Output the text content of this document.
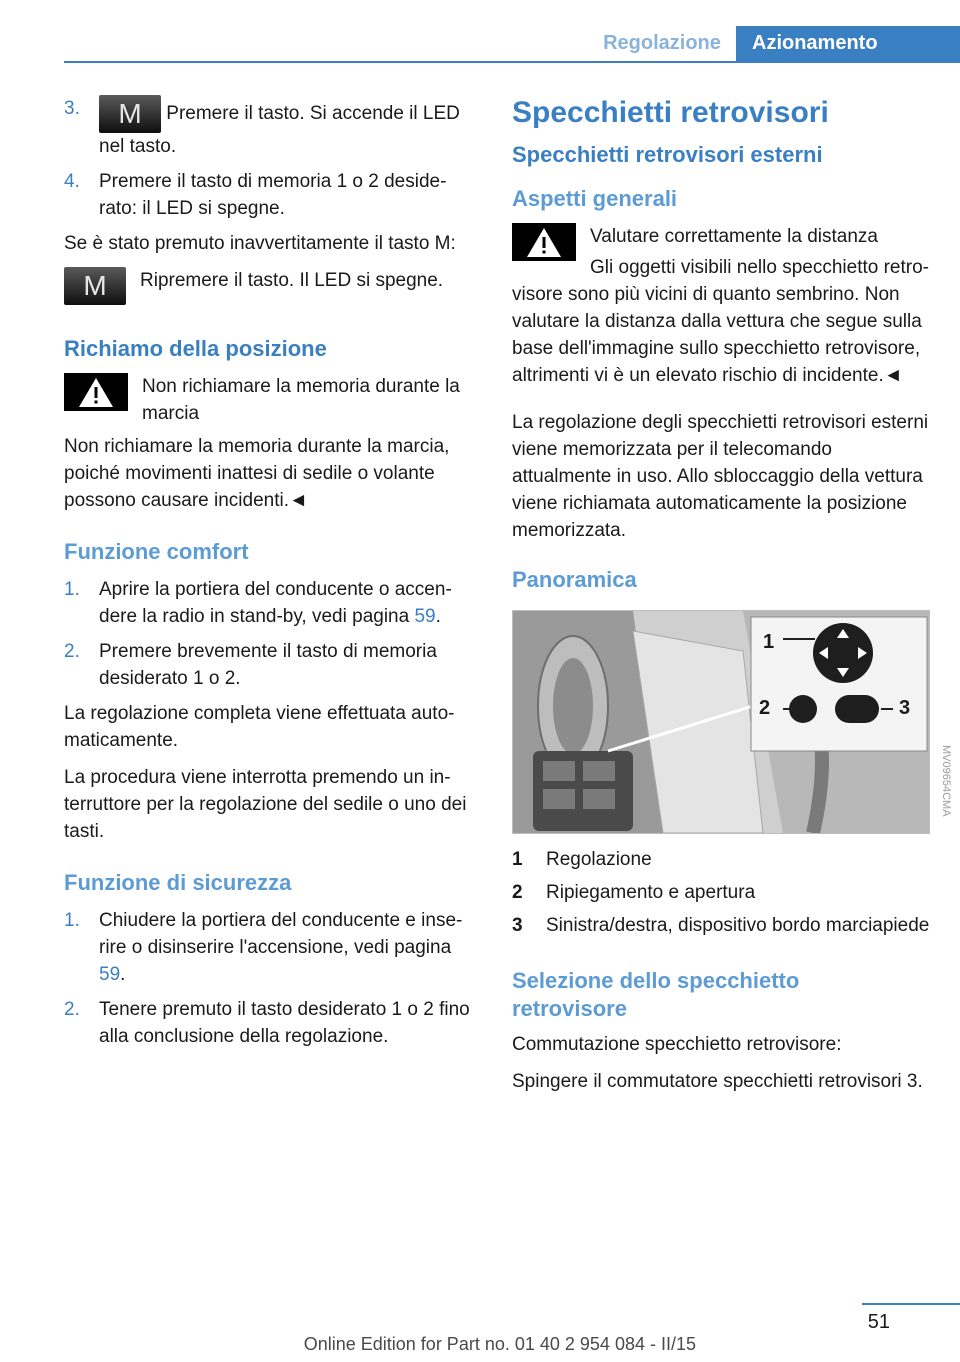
Regolazione	Azionamento
3. M Premere il tasto. Si accende il LED nel tasto.
4. Premere il tasto di memoria 1 o 2 desiderato: il LED si spegne.

Se è stato premuto inavvertitamente il tasto M:

M	Ripremere il tasto. Il LED si spegne.
Richiamo della posizione
Non richiamare la memoria durante la marcia

Non richiamare la memoria durante la marcia, poiché movimenti inattesi di sedile o volante possono causare incidenti.◄

Funzione comfort
1. Aprire la portiera del conducente o accendere la radio in stand-by, vedi pagina 59.
2. Premere brevemente il tasto di memoria desiderato 1 o 2.

La regolazione completa viene effettuata automaticamente.

La procedura viene interrotta premendo un interruttore per la regolazione del sedile o uno dei tasti.

Funzione di sicurezza
1. Chiudere la portiera del conducente e inserire o disinserire l'accensione, vedi pagina 59.
2. Tenere premuto il tasto desiderato 1 o 2 fino alla conclusione della regolazione.
Specchietti retrovisori
Specchietti retrovisori esterni
Aspetti generali

Valutare correttamente la distanza

Gli oggetti visibili nello specchietto retrovisore sono più vicini di quanto sembrino. Non valutare la distanza dalla vettura che segue sulla base dell'immagine sullo specchietto retrovisore, altrimenti vi è un elevato rischio di incidente.◄

La regolazione degli specchietti retrovisori esterni viene memorizzata per il telecomando attualmente in uso. Allo sbloccaggio della vettura viene richiamata automaticamente la posizione memorizzata.

Panoramica
1
2	3
MV09654CMA
1 Regolazione
2 Ripiegamento e apertura
3 Sinistra/destra, dispositivo bordo marciapiede
Selezione dello specchietto retrovisore

Commutazione specchietto retrovisore:

Spingere il commutatore specchietti retrovisori 3.

51
Online Edition for Part no. 01 40 2 954 084 - II/15
